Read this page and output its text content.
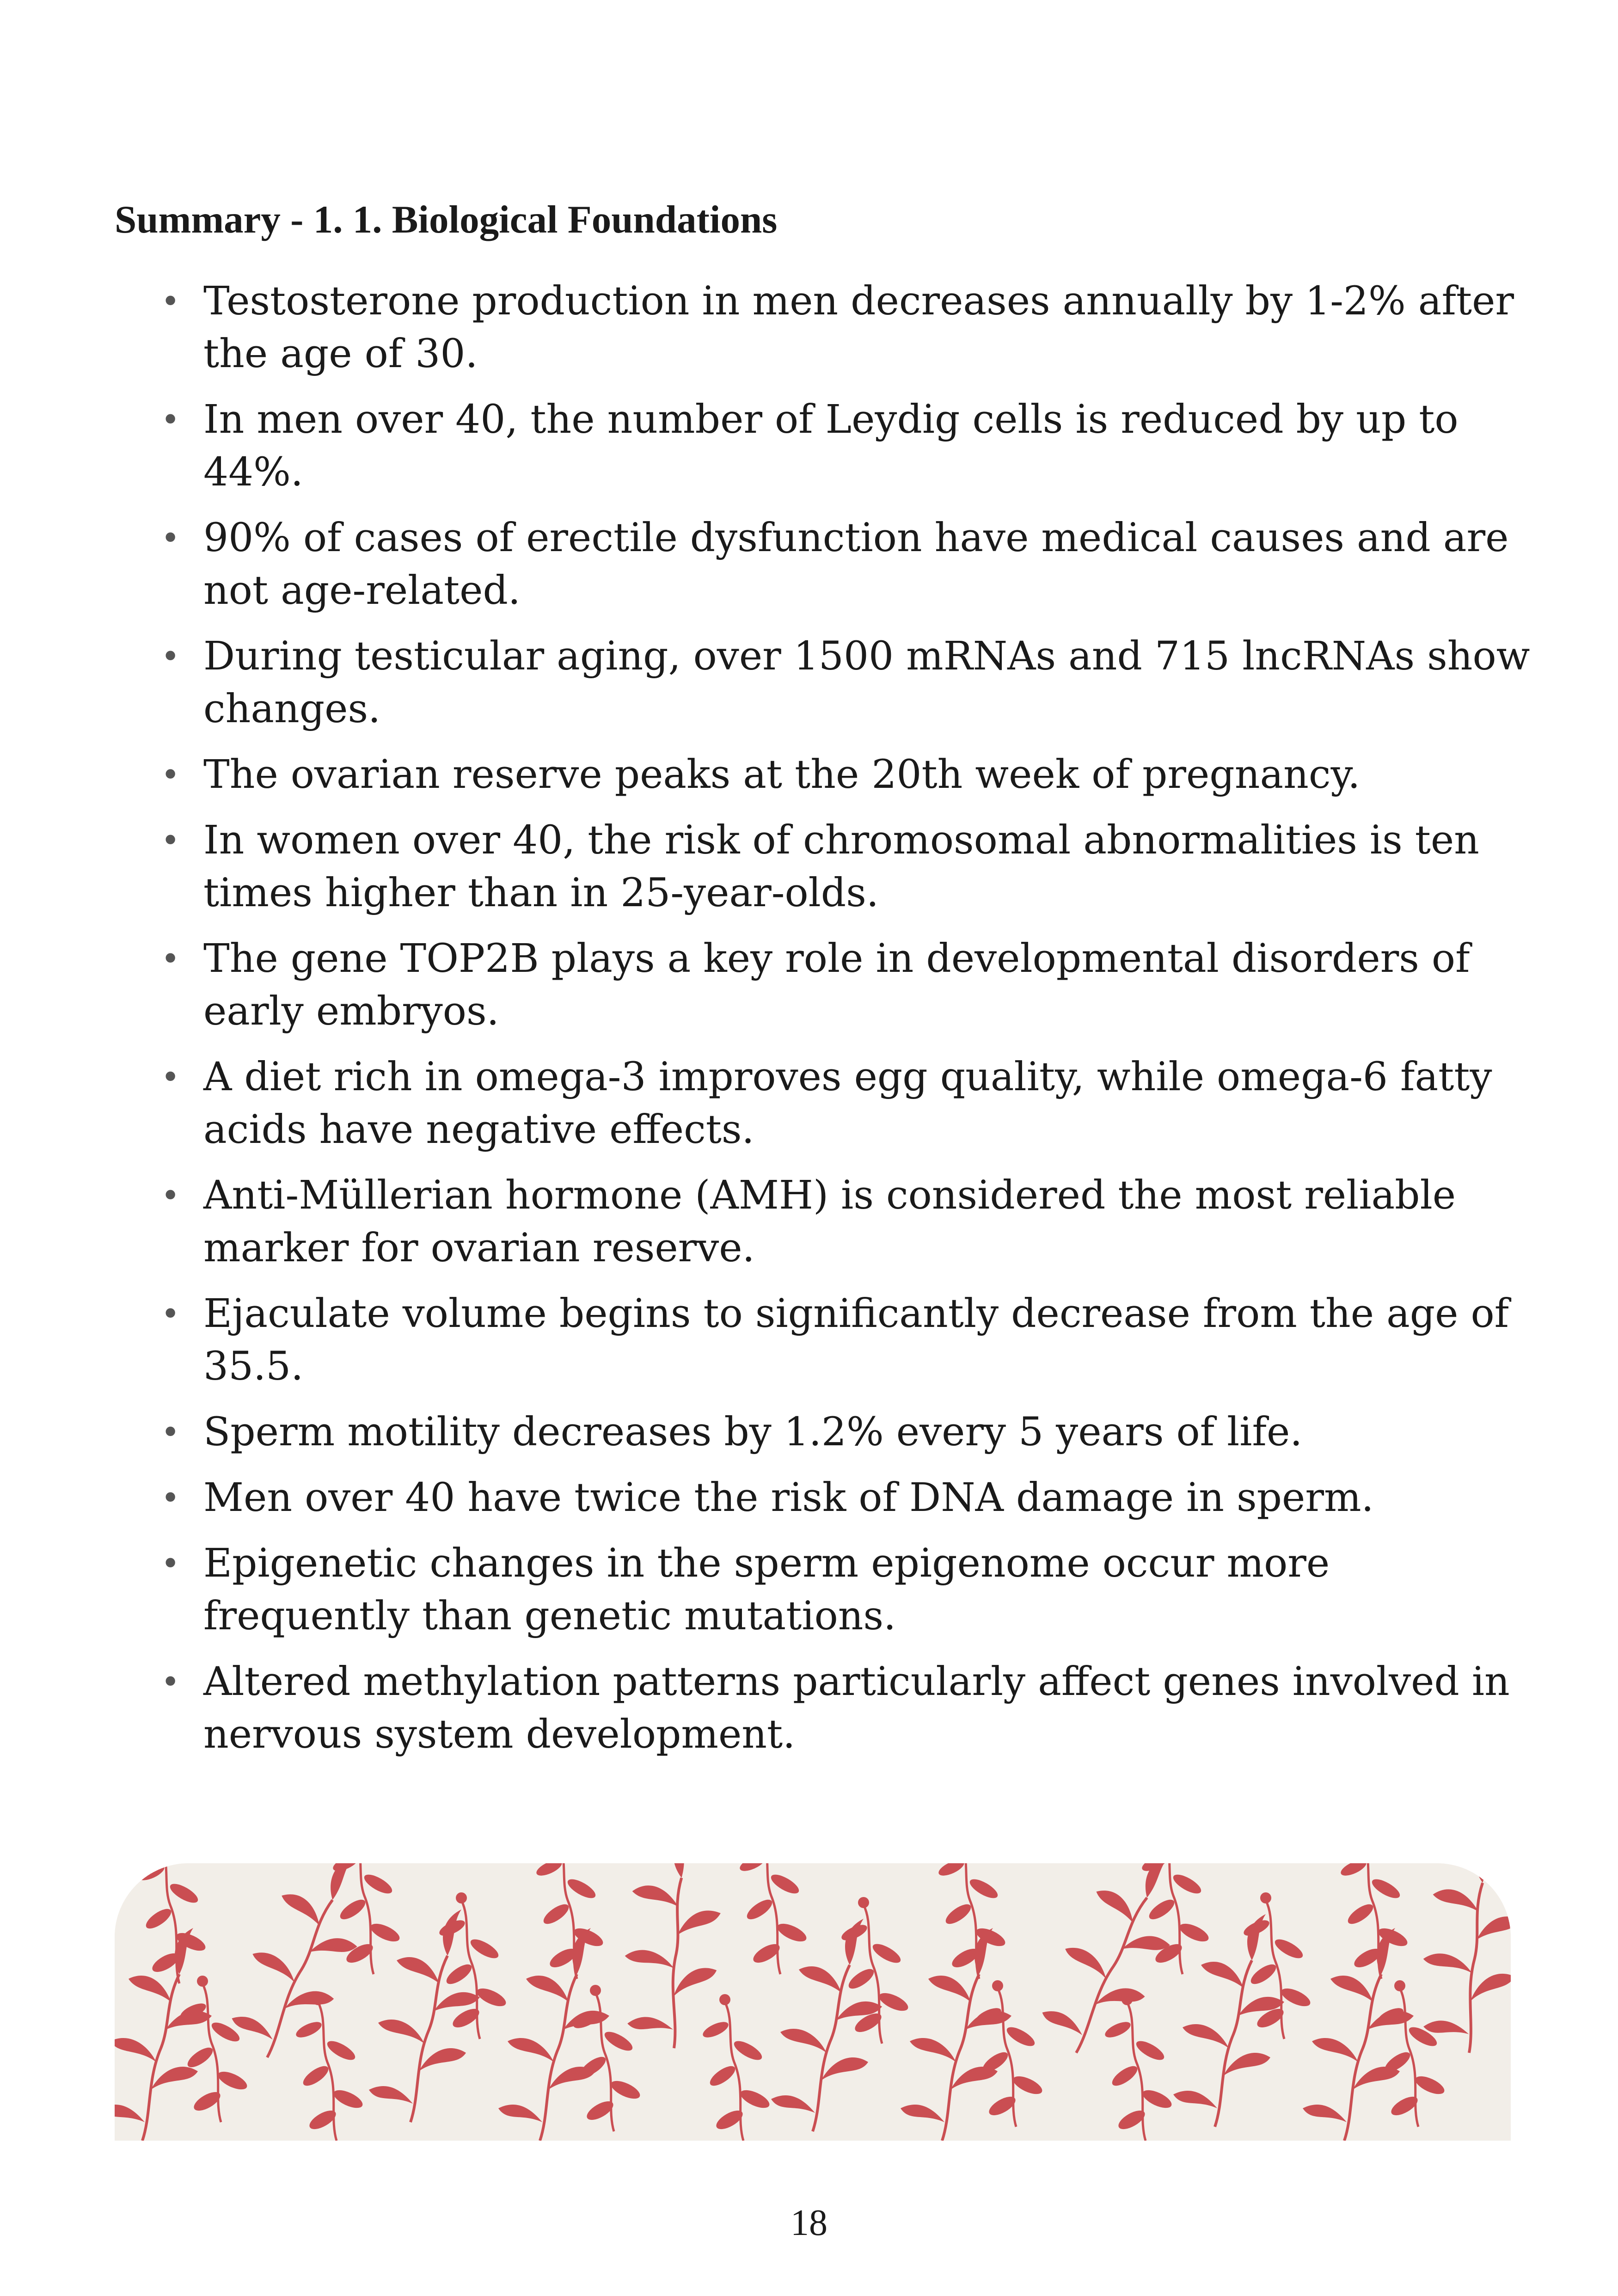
Summary - 1. 1. Biological Foundations
• Testosterone production in men decreases annually by 1-2% after the age of 30.
• In men over 40, the number of Leydig cells is reduced by up to 44%.
• 90% of cases of erectile dysfunction have medical causes and are not age-related.
• During testicular aging, over 1500 mRNAs and 715 lncRNAs show changes.
• The ovarian reserve peaks at the 20th week of pregnancy.
• In women over 40, the risk of chromosomal abnormalities is ten times higher than in 25-year-olds.
• The gene TOP2B plays a key role in developmental disorders of early embryos.
• A diet rich in omega-3 improves egg quality, while omega-6 fatty acids have negative effects.
• Anti-Müllerian hormone (AMH) is considered the most reliable marker for ovarian reserve.
• Ejaculate volume begins to significantly decrease from the age of 35.5.
• Sperm motility decreases by 1.2% every 5 years of life.
• Men over 40 have twice the risk of DNA damage in sperm.
• Epigenetic changes in the sperm epigenome occur more frequently than genetic mutations.
• Altered methylation patterns particularly affect genes involved in nervous system development.
18
